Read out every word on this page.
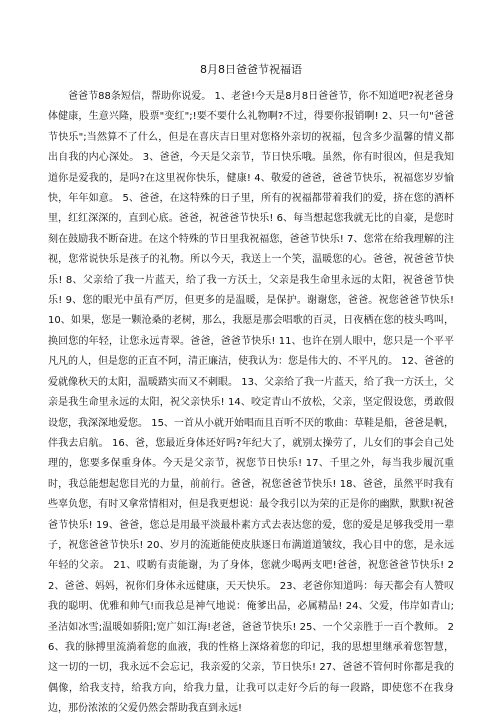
8月8日爸爸节祝福语

爸爸节88条短信，帮助你说爱。 1、老爸!今天是8月8日爸爸节，你不知道吧?祝老爸身体健康，生意兴隆，股票"变红";!要不要什么礼物啊?不过，得要你报销啊! 2、只一句"爸爸节快乐";当然算不了什么，但是在喜庆吉日里对您格外亲切的祝福，包含多少温馨的情义都出自我的内心深处。 3、爸爸，今天是父亲节，节日快乐哦。虽然，你有时很凶，但是我知道你是爱我的，是吗?在这里祝你快乐，健康! 4、敬爱的爸爸，爸爸节快乐，祝福您岁岁愉快，年年如意。 5、爸爸，在这特殊的日子里，所有的祝福都带着我们的爱，挤在您的酒杯里，红红深深的，直到心底。爸爸，祝爸爸节快乐! 6、每当想起您我就无比的自豪，是您时刻在鼓励我不断奋进。在这个特殊的节日里我祝福您，爸爸节快乐! 7、您常在给我理解的注视，您常说快乐是孩子的礼物。所以今天，我送上一个笑，温暖您的心。爸爸，祝爸爸节快乐! 8、父亲给了我一片蓝天，给了我一方沃土，父亲是我生命里永远的太阳，祝爸爸节快乐! 9、您的眼光中虽有严厉，但更多的是温暖，是保护。谢谢您，爸爸。祝您爸爸节快乐! 10、如果，您是一颗沧桑的老树，那么，我愿是那会唱歌的百灵，日夜栖在您的枝头鸣叫，换回您的年轻，让您永远青翠。爸爸，爸爸节快乐! 11、也许在别人眼中，您只是一个平平凡凡的人，但是您的正直不阿，清正廉洁，使我认为：您是伟大的、不平凡的。 12、爸爸的爱就像秋天的太阳，温暖踏实而又不刺眼。 13、父亲给了我一片蓝天，给了我一方沃土，父亲是我生命里永远的太阳，祝父亲快乐! 14、咬定青山不放松，父亲，坚定假设您，勇敢假设您，我深深地爱您。 15、一首从小就开始唱而且百听不厌的歌曲：草鞋是船，爸爸是帆，伴我去启航。 16、爸，您最近身体还好吗?年纪大了，就别太操劳了，儿女们的事会自己处理的，您要多保重身体。今天是父亲节，祝您节日快乐! 17、千里之外，每当我步履沉重时，我总能想起您目光的力量，前前行。爸爸，祝您爸爸节快乐! 18、爸爸，虽然平时我有些辜负您，有时又拿常情相对，但是我更想说：最令我引以为荣的正是你的幽默，默默!祝爸爸节快乐! 19、爸爸，您总是用最平淡最朴素方式去表达您的爱，您的爱是足够我受用一辈子，祝您爸爸节快乐! 20、岁月的流逝能使皮肤逐日布满道道皱纹，我心目中的您，是永远年轻的父亲。 21、哎喲有责能谢，为了身体，您就少喝两支吧!爸爸，祝您爸爸节快乐! 22、爸爸、妈妈，祝你们身体永远健康，天天快乐。 23、老爸你知道吗：每天都会有人赞叹我的聪明、优雅和帅气!而我总是神气地说：俺爹出品，必属精品! 24、父爱，伟岸如青山;圣洁如冰雪;温暖如骄阳;宽广如江海!老爸，爸爸节快乐! 25、一个父亲胜于一百个教师。 26、我的脉搏里流淌着您的血液，我的性格上深烙着您的印记，我的思想里继承着您智慧，这一切的一切，我永远不会忘记，我亲爱的父亲，节日快乐! 27、爸爸不管何时你都是我的偶像，给我支持，给我方向，给我力量，让我可以走好今后的每一段路，即使您不在我身边，那份浓浓的父爱仍然会帮助我直到永远!
